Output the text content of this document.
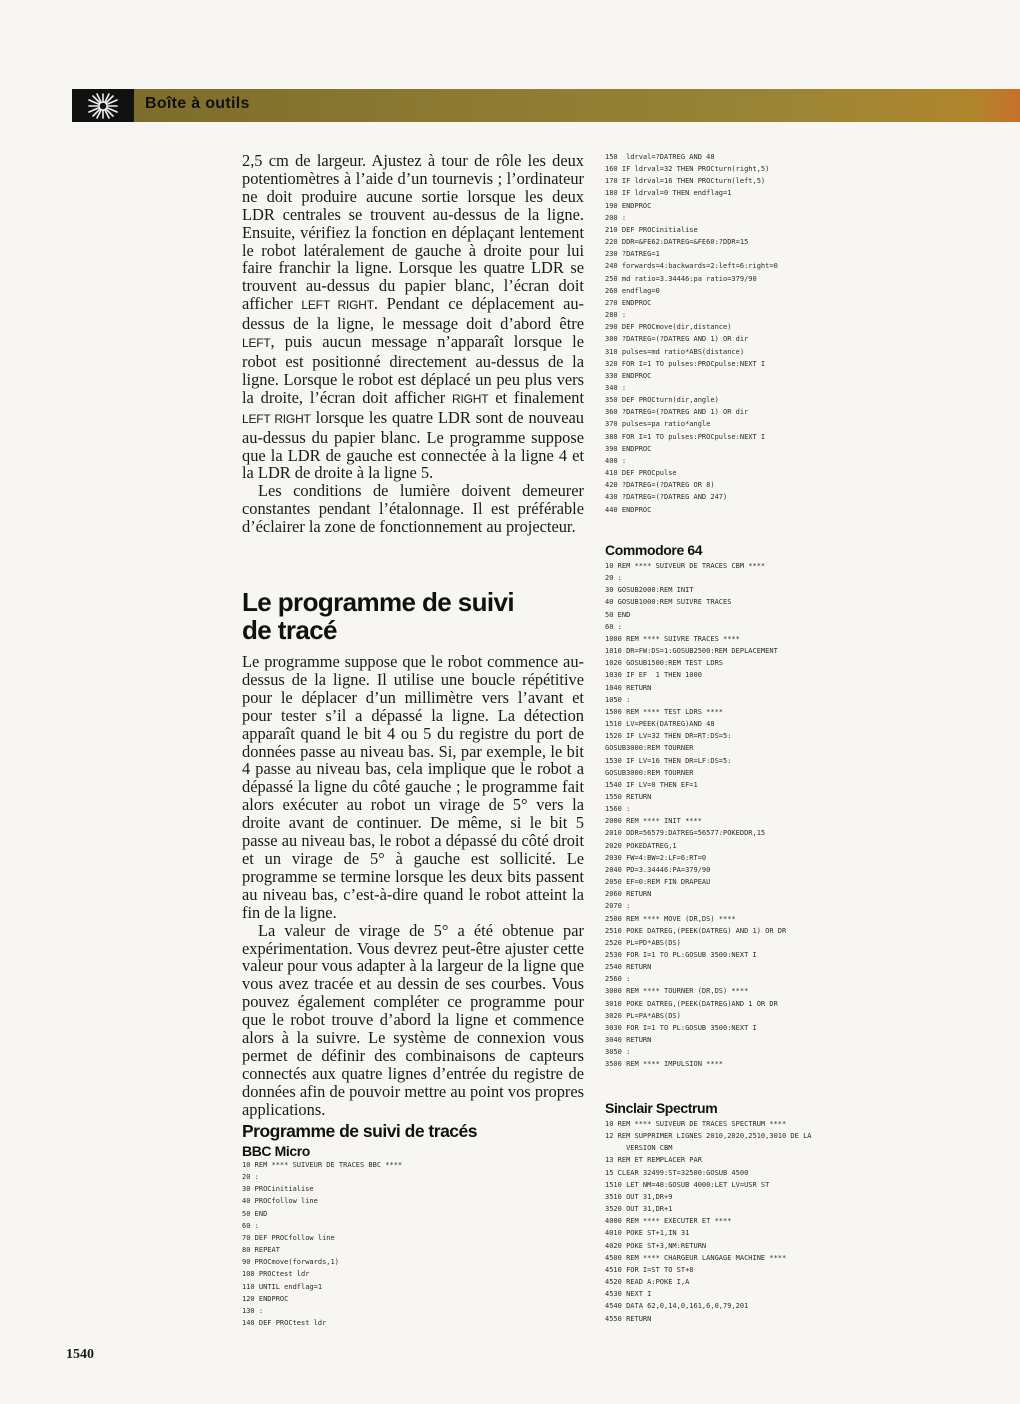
Boîte à outils

2,5 cm de largeur. Ajustez à tour de rôle les deux potentiomètres à l’aide d’un tournevis ; l’ordinateur ne doit produire aucune sortie lorsque les deux LDR centrales se trouvent au-dessus de la ligne. Ensuite, vérifiez la fonction en déplaçant lentement le robot latéralement de gauche à droite pour lui faire franchir la ligne. Lorsque les quatre LDR se trouvent au-dessus du papier blanc, l’écran doit afficher LEFT RIGHT. Pendant ce déplacement au-dessus de la ligne, le message doit d’abord être LEFT, puis aucun message n’apparaît lorsque le robot est positionné directement au-dessus de la ligne. Lorsque le robot est déplacé un peu plus vers la droite, l’écran doit afficher RIGHT et finalement LEFT RIGHT lorsque les quatre LDR sont de nouveau au-dessus du papier blanc. Le programme suppose que la LDR de gauche est connectée à la ligne 4 et la LDR de droite à la ligne 5.

Les conditions de lumière doivent demeurer constantes pendant l’étalonnage. Il est préférable d’éclairer la zone de fonctionnement au projecteur.

Le programme de suivi
de tracé

Le programme suppose que le robot commence au-dessus de la ligne. Il utilise une boucle répétitive pour le déplacer d’un millimètre vers l’avant et pour tester s’il a dépassé la ligne. La détection apparaît quand le bit 4 ou 5 du registre du port de données passe au niveau bas. Si, par exemple, le bit 4 passe au niveau bas, cela implique que le robot a dépassé la ligne du côté gauche ; le programme fait alors exécuter au robot un virage de 5° vers la droite avant de continuer. De même, si le bit 5 passe au niveau bas, le robot a dépassé du côté droit et un virage de 5° à gauche est sollicité. Le programme se termine lorsque les deux bits passent au niveau bas, c’est-à-dire quand le robot atteint la fin de la ligne.

La valeur de virage de 5° a été obtenue par expérimentation. Vous devrez peut-être ajuster cette valeur pour vous adapter à la largeur de la ligne que vous avez tracée et au dessin de ses courbes. Vous pouvez également compléter ce programme pour que le robot trouve d’abord la ligne et commence alors à la suivre. Le système de connexion vous permet de définir des combinaisons de capteurs connectés aux quatre lignes d’entrée du registre de données afin de pouvoir mettre au point vos propres applications.

Programme de suivi de tracés
BBC Micro
10 REM **** SUIVEUR DE TRACES BBC ****
20 :
30 PROCinitialise
40 PROCfollow line
50 END
60 :
70 DEF PROCfollow line
80 REPEAT
90 PROCmove(forwards,1)
100 PROCtest ldr
110 UNTIL endflag=1
120 ENDPROC
130 :
140 DEF PROCtest ldr
150  ldrval=?DATREG AND 48
160 IF ldrval=32 THEN PROCturn(right,5)
170 IF ldrval=16 THEN PROCturn(left,5)
180 IF ldrval=0 THEN endflag=1
190 ENDPROC
200 :
210 DEF PROCinitialise
220 DDR=&FE62:DATREG=&FE60:?DDR=15
230 ?DATREG=1
240 forwards=4:backwards=2:left=6:right=0
250 md ratio=3.34446:pa ratio=379/90
260 endflag=0
270 ENDPROC
280 :
290 DEF PROCmove(dir,distance)
300 ?DATREG=(?DATREG AND 1) OR dir
310 pulses=md ratio*ABS(distance)
320 FOR I=1 TO pulses:PROCpulse:NEXT I
330 ENDPROC
340 :
350 DEF PROCturn(dir,angle)
360 ?DATREG=(?DATREG AND 1) OR dir
370 pulses=pa ratio*angle
380 FOR I=1 TO pulses:PROCpulse:NEXT I
390 ENDPROC
400 :
410 DEF PROCpulse
420 ?DATREG=(?DATREG OR 8)
430 ?DATREG=(?DATREG AND 247)
440 ENDPROC
Commodore 64
10 REM **** SUIVEUR DE TRACES CBM ****
20 :
30 GOSUB2000:REM INIT
40 GOSUB1000:REM SUIVRE TRACES
50 END
60 :
1000 REM **** SUIVRE TRACES ****
1010 DR=FW:DS=1:GOSUB2500:REM DEPLACEMENT
1020 GOSUB1500:REM TEST LDRS
1030 IF EF  1 THEN 1000
1040 RETURN
1050 :
1500 REM **** TEST LDRS ****
1510 LV=PEEK(DATREG)AND 48
1520 IF LV=32 THEN DR=RT:DS=5:
GOSUB3000:REM TOURNER
1530 IF LV=16 THEN DR=LF:DS=5:
GOSUB3000:REM TOURNER
1540 IF LV=0 THEN EF=1
1550 RETURN
1560 :
2000 REM **** INIT ****
2010 DDR=56579:DATREG=56577:POKEDDR,15
2020 POKEDATREG,1
2030 FW=4:BW=2:LF=6:RT=0
2040 PD=3.34446:PA=379/90
2050 EF=0:REM FIN DRAPEAU
2060 RETURN
2070 :
2500 REM **** MOVE (DR,DS) ****
2510 POKE DATREG,(PEEK(DATREG) AND 1) OR DR
2520 PL=PD*ABS(DS)
2530 FOR I=1 TO PL:GOSUB 3500:NEXT I
2540 RETURN
2560 :
3000 REM **** TOURNER (DR,DS) ****
3010 POKE DATREG,(PEEK(DATREG)AND 1 OR DR
3020 PL=PA*ABS(DS)
3030 FOR I=1 TO PL:GOSUB 3500:NEXT I
3040 RETURN
3050 :
3500 REM **** IMPULSION ****
Sinclair Spectrum
10 REM **** SUIVEUR DE TRACES SPECTRUM ****
12 REM SUPPRIMER LIGNES 2010,2020,2510,3010 DE LA
VERSION CBM
13 REM ET REMPLACER PAR
15 CLEAR 32499:ST=32500:GOSUB 4500
1510 LET NM=48:GOSUB 4000:LET LV=USR ST
3510 OUT 31,DR+9
3520 OUT 31,DR+1
4000 REM **** EXECUTER ET ****
4010 POKE ST+1,IN 31
4020 POKE ST+3,NM:RETURN
4500 REM **** CHARGEUR LANGAGE MACHINE ****
4510 FOR I=ST TO ST+8
4520 READ A:POKE I,A
4530 NEXT I
4540 DATA 62,0,14,0,161,6,0,79,201
4550 RETURN
1540
